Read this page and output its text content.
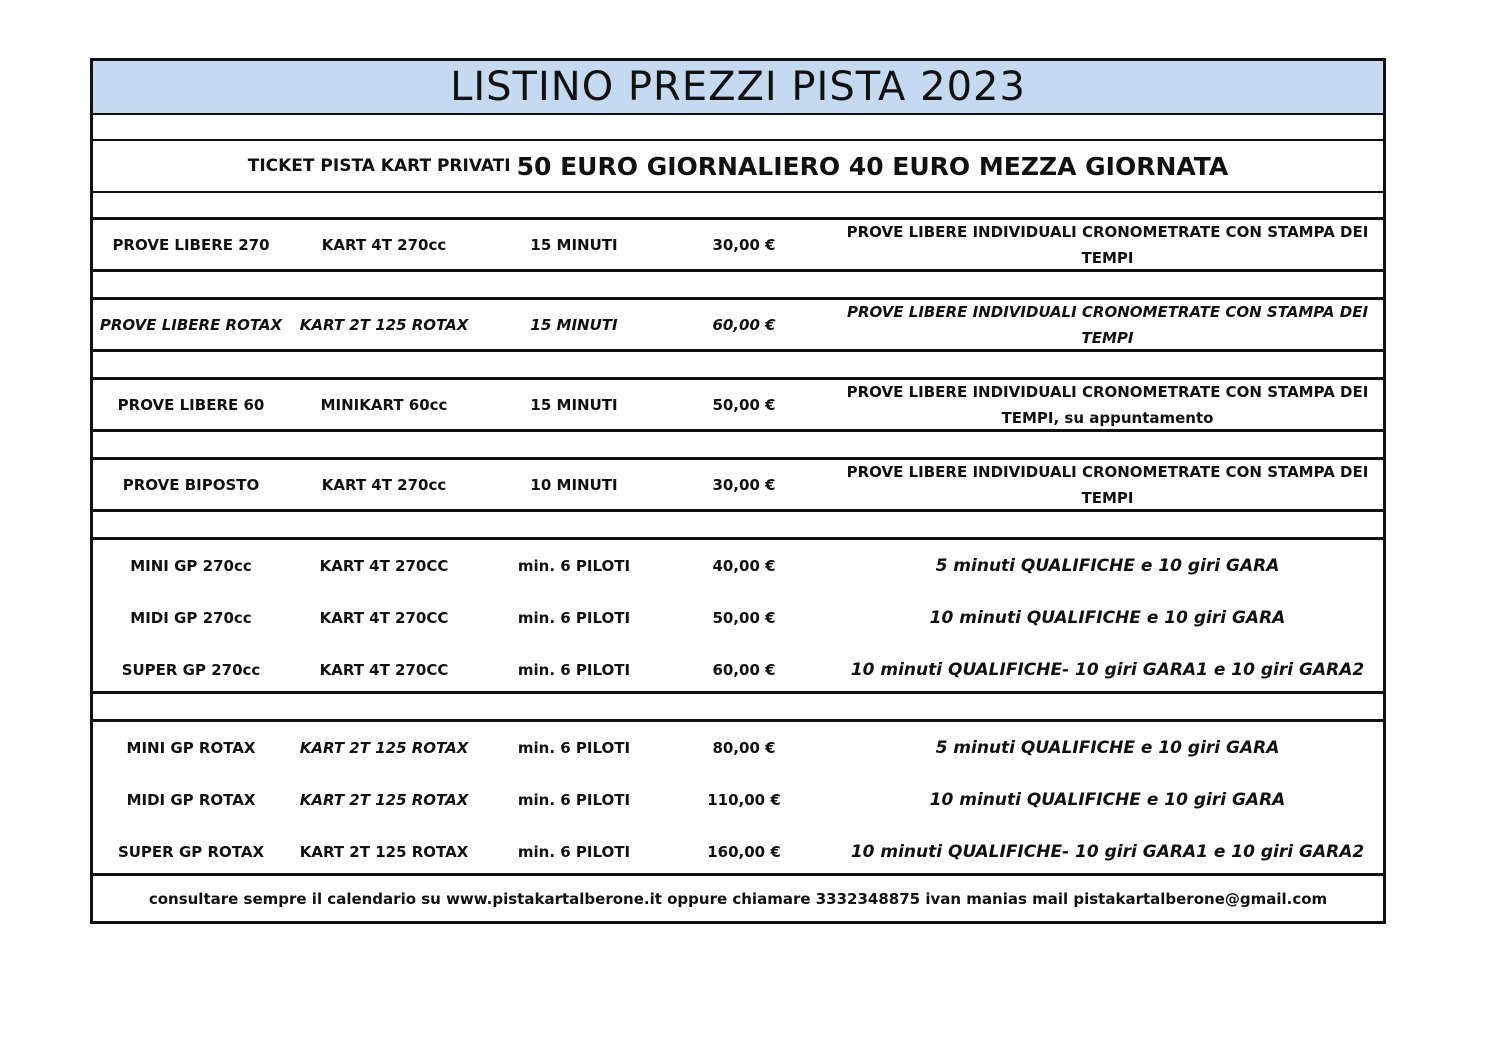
LISTINO PREZZI PISTA 2023
TICKET PISTA KART PRIVATI 50 EURO GIORNALIERO 40 EURO MEZZA GIORNATA
PROVE LIBERE 270	KART 4T 270cc	15 MINUTI	30,00 €
PROVE LIBERE INDIVIDUALI CRONOMETRATE CON STAMPA DEI
TEMPI
PROVE LIBERE ROTAX	KART 2T 125 ROTAX	15 MINUTI	60,00 €
PROVE LIBERE INDIVIDUALI CRONOMETRATE CON STAMPA DEI
TEMPI
PROVE LIBERE 60	MINIKART 60cc	15 MINUTI	50,00 €
PROVE LIBERE INDIVIDUALI CRONOMETRATE CON STAMPA DEI
TEMPI, su appuntamento
PROVE BIPOSTO	KART 4T 270cc	10 MINUTI	30,00 €
PROVE LIBERE INDIVIDUALI CRONOMETRATE CON STAMPA DEI
TEMPI
MINI GP 270cc	KART 4T 270CC	min. 6 PILOTI	40,00 €	5 minuti QUALIFICHE e 10 giri GARA
MIDI GP 270cc	KART 4T 270CC	min. 6 PILOTI	50,00 €	10 minuti QUALIFICHE e 10 giri GARA
SUPER GP 270cc	KART 4T 270CC	min. 6 PILOTI	60,00 €	10 minuti QUALIFICHE- 10 giri GARA1 e 10 giri GARA2
MINI GP ROTAX	KART 2T 125 ROTAX	min. 6 PILOTI	80,00 €	5 minuti QUALIFICHE e 10 giri GARA
MIDI GP ROTAX	KART 2T 125 ROTAX	min. 6 PILOTI	110,00 €	10 minuti QUALIFICHE e 10 giri GARA
SUPER GP ROTAX	KART 2T 125 ROTAX	min. 6 PILOTI	160,00 €	10 minuti QUALIFICHE- 10 giri GARA1 e 10 giri GARA2
consultare sempre il calendario su www.pistakartalberone.it oppure chiamare 3332348875 ivan manias mail pistakartalberone@gmail.com
